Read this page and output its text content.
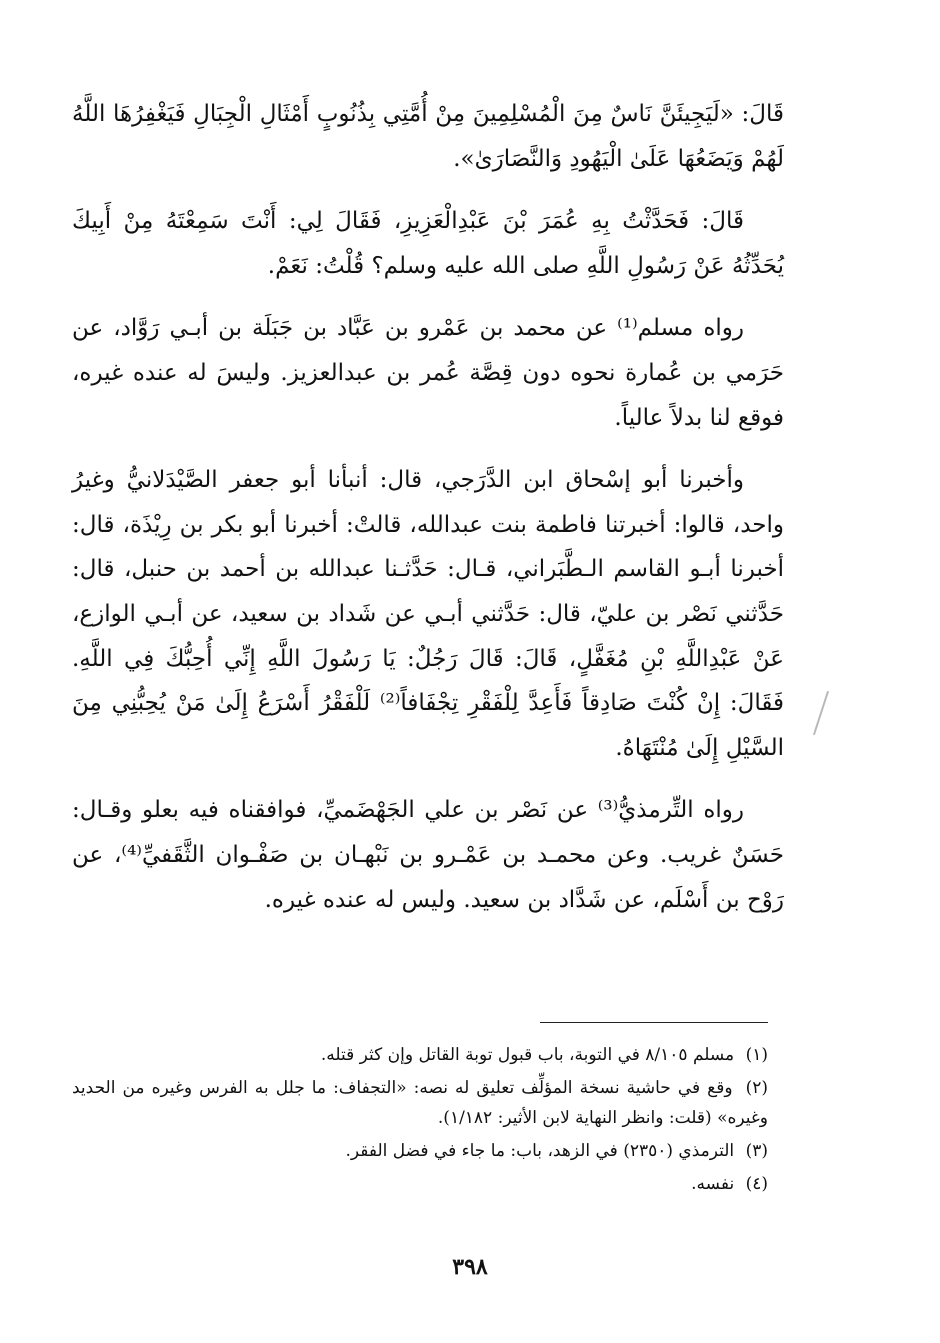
قَالَ: «لَيَجِيئَنَّ نَاسٌ مِنَ الْمُسْلِمِينَ مِنْ أُمَّتِي بِذُنُوبٍ أَمْثَالِ الْجِبَالِ فَيَغْفِرُهَا اللَّهُ لَهُمْ وَيَضَعُهَا عَلَىٰ الْيَهُودِ وَالنَّصَارَىٰ».

قَالَ: فَحَدَّثْتُ بِهِ عُمَرَ بْنَ عَبْدِالْعَزِيزِ، فَقَالَ لِي: أَنْتَ سَمِعْتَهُ مِنْ أَبِيكَ يُحَدِّثُهُ عَنْ رَسُولِ اللَّهِ صلى الله عليه وسلم؟ قُلْتُ: نَعَمْ.

رواه مسلم⁽¹⁾ عن محمد بن عَمْرو بن عَبَّاد بن جَبَلَة بن أبـي رَوَّاد، عن حَرَمي بن عُمارة نحوه دون قِصَّة عُمر بن عبدالعزيز. وليسَ له عنده غيره، فوقع لنا بدلاً عالياً.

وأخبرنا أبو إسْحاق ابن الدَّرَجي، قال: أنبأنا أبو جعفر الصَّيْدَلانيُّ وغيرُ واحد، قالوا: أخبرتنا فاطمة بنت عبدالله، قالتْ: أخبرنا أبو بكر بن رِيْذَة، قال: أخبرنا أبـو القاسم الـطَّبَراني، قـال: حَدَّثـنا عبدالله بن أحمد بن حنبل، قال: حَدَّثني نَصْر بن عليّ، قال: حَدَّثني أبـي عن شَداد بن سعيد، عن أبـي الوازع، عَنْ عَبْدِاللَّهِ بْنِ مُغَفَّلٍ، قَالَ: قَالَ رَجُلٌ: يَا رَسُولَ اللَّهِ إِنِّي أُحِبُّكَ فِي اللَّهِ. فَقَالَ: إِنْ كُنْتَ صَادِقاً فَأَعِدَّ لِلْفَقْرِ تِجْفَافاً⁽²⁾ لَلْفَقْرُ أَسْرَعُ إِلَىٰ مَنْ يُحِبُّنِي مِنَ السَّيْلِ إِلَىٰ مُنْتَهَاهُ.

رواه التِّرمذيُّ⁽³⁾ عن نَصْر بن علي الجَهْضَميِّ، فوافقناه فيه بعلو وقـال: حَسَنٌ غريب. وعن محمـد بن عَمْـرو بن نَبْهـان بن صَفْـوان الثَّقَفيِّ⁽⁴⁾، عن رَوْح بن أَسْلَم، عن شَدَّاد بن سعيد. وليس له عنده غيره.

(١) مسلم ٨/١٠٥ في التوبة، باب قبول توبة القاتل وإن كثر قتله.

(٢) وقع في حاشية نسخة المؤلِّف تعليق له نصه: «التجفاف: ما جلل به الفرس وغيره من الحديد وغيره» (قلت: وانظر النهاية لابن الأثير: ١/١٨٢).

(٣) الترمذي (٢٣٥٠) في الزهد، باب: ما جاء في فضل الفقر.

(٤) نفسه.

٣٩٨
